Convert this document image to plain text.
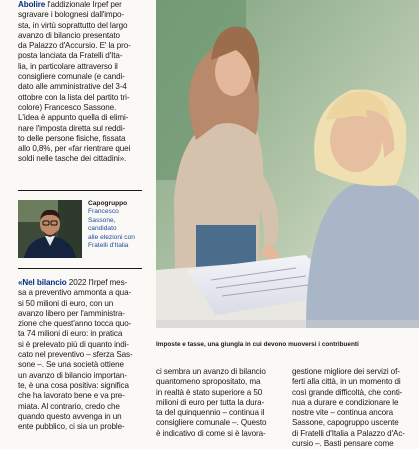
Abolire l'addizionale Irpef per

sgravare i bolognesi dall'impo-

sta, in virtù soprattutto del largo

avanzo di bilancio presentato

da Palazzo d'Accursio. E' la pro-

posta lanciata da Fratelli d'Ita-

lia, in particolare attraverso il

consigliere comunale (e candi-

dato alle amministrative del 3-4

ottobre con la lista del partito tri-

colore) Francesco Sassone.

L'idea è appunto quella di elimi-

nare l'imposta diretta sul reddi-

to delle persone fisiche, fissata

allo 0,8%, per «far rientrare quei

soldi nelle tasche dei cittadini».

Capogruppo

Francesco

Sassone,

candidato

alle elezioni con

Fratelli d'Italia

«Nel bilancio 2022 l'Irpef mes-

sa a preventivo ammonta a qua-

si 50 milioni di euro, con un

avanzo libero per l'amministra-

zione che quest'anno tocca quo-

ta 74 milioni di euro: in pratica

si è prelevato più di quanto indi-

cato nel preventivo – sferza Sas-

sone –. Se una società ottiene

un avanzo di bilancio importan-

te, è una cosa positiva: significa

che ha lavorato bene e va pre-

miata. Al contrario, credo che

quando questo avvenga in un

ente pubblico, ci sia un proble-

Imposte e tasse, una giungla in cui devono muoversi i contribuenti

ci sembra un avanzo di bilancio

quantomeno spropositato, ma

in realtà è stato superiore a 50

milioni di euro per tutta la dura-

ta del quinquennio – continua il

consigliere comunale –. Questo

è indicativo di come si è lavora-

gestione migliore dei servizi of-

ferti alla città, in un momento di

così grande difficoltà, che conti-

nua a durare e condizionare le

nostre vite – continua ancora

Sassone, capogruppo uscente

di Fratelli d'Italia a Palazzo d'Ac-

cursio –. Basti pensare come
